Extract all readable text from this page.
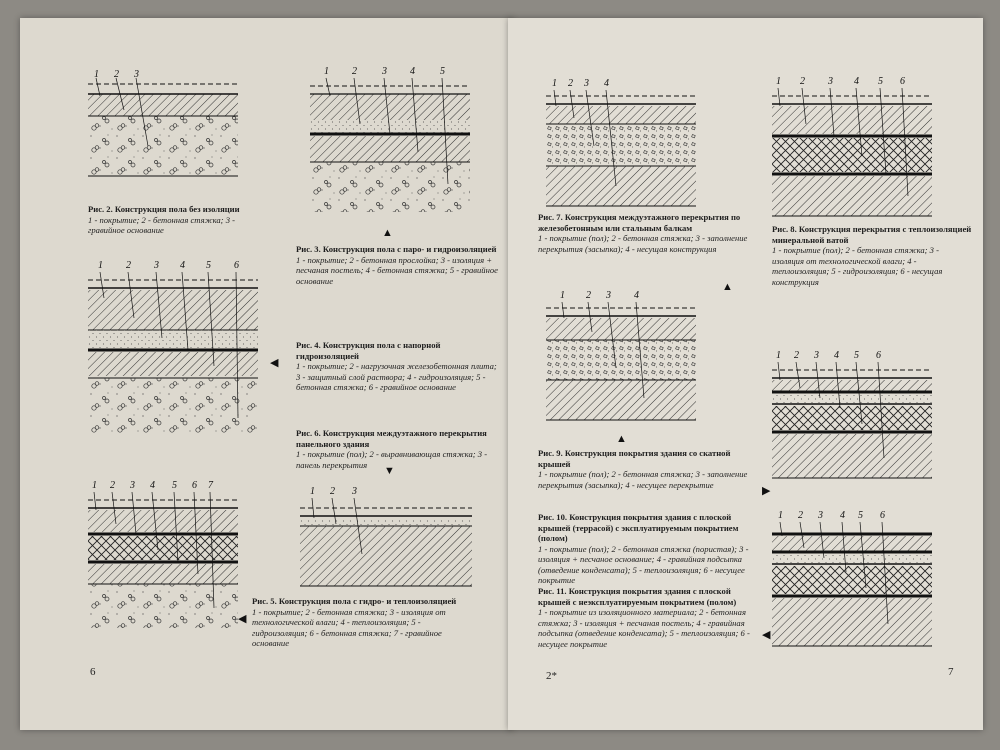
1 2 3
Рис. 2. Конструкция пола без изоляции
1 - покрытие; 2 - бетонная стяжка; 3 - гравийное основание
1 2	3 4	5
▲
Рис. 3. Конструкция пола с паро- и гидроизоляцией
1 - покрытие; 2 - бетонная прослойка; 3 - изоляция + песчаная постель; 4 - бетонная стяжка; 5 - гравийное основание
1 2 3 4 5 6
◀
Рис. 4. Конструкция пола с напорной гидроизоляцией
1 - покрытие; 2 - нагрузочная железобетонная плита; 3 - защитный слой раствора; 4 - гидроизоляция; 5 - бетонная стяжка; 6 - гравийное основание
Рис. 6. Конструкция междуэтажного перекрытия панельного здания
1 - покрытие (пол); 2 - выравнивающая стяжка; 3 - панель перекрытия
▼
1 2 3
1 2 3 4 5 6 7
◀
Рис. 5. Конструкция пола с гидро- и теплоизоляцией
1 - покрытие; 2 - бетонная стяжка; 3 - изоляция от технологической влаги; 4 - теплоизоляция; 5 - гидроизоляция; 6 - бетонная стяжка; 7 - гравийное основание
6
1 2 3 4
Рис. 7. Конструкция междуэтажного перекрытия по железобетонным или стальным балкам
1 - покрытие (пол); 2 - бетонная стяжка; 3 - заполнение перекрытия (засыпка); 4 - несущая конструкция
1 2 3 4 5 6
Рис. 8. Конструкция перекрытия с теплоизоляцией минеральной ватой
1 - покрытие (пол); 2 - бетонная стяжка; 3 - изоляция от технологической влаги; 4 - теплоизоляция; 5 - гидроизоляция; 6 - несущая конструкция
▲
1 2 3 4
▲
Рис. 9. Конструкция покрытия здания со скатной крышей
1 - покрытие (пол); 2 - бетонная стяжка; 3 - заполнение перекрытия (засыпка); 4 - несущее перекрытие
1 2 3 4 5 6
▶
Рис. 10. Конструкция покрытия здания с плоской крышей (террасой) с эксплуатируемым покрытием (полом)
1 - покрытие (пол); 2 - бетонная стяжка (пористая); 3 - изоляция + песчаное основание; 4 - гравийная подсыпка (отведение конденсата); 5 - теплоизоляция; 6 - несущее покрытие
1 2 3 4 5 6
Рис. 11. Конструкция покрытия здания с плоской крышей с неэксплуатируемым покрытием (полом)
1 - покрытие из изоляционного материала; 2 - бетонная стяжка; 3 - изоляция + песчаная постель; 4 - гравийная подсыпка (отведение конденсата); 5 - теплоизоляция; 6 - несущее покрытие
◀
2*	7
